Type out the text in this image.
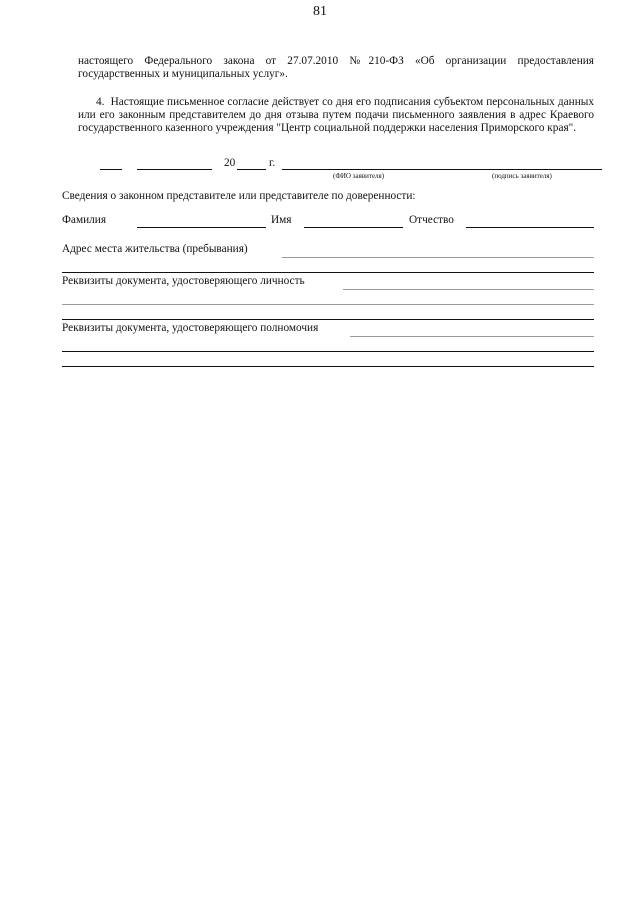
81
настоящего Федерального закона от 27.07.2010 №210-ФЗ «Об организации предоставления государственных и муниципальных услуг».
4. Настоящие письменное согласие действует со дня его подписания субъектом персональных данных или его законным представителем до дня отзыва путем подачи письменного заявления в адрес Краевого государственного казенного учреждения "Центр социальной поддержки населения Приморского края".
20	г.
(ФИО заявителя)	(подпись заявителя)
Сведения о законном представителе или представителе по доверенности:
Фамилия	Имя	Отчество
Адрес места жительства (пребывания)
Реквизиты документа, удостоверяющего личность
Реквизиты документа, удостоверяющего полномочия
